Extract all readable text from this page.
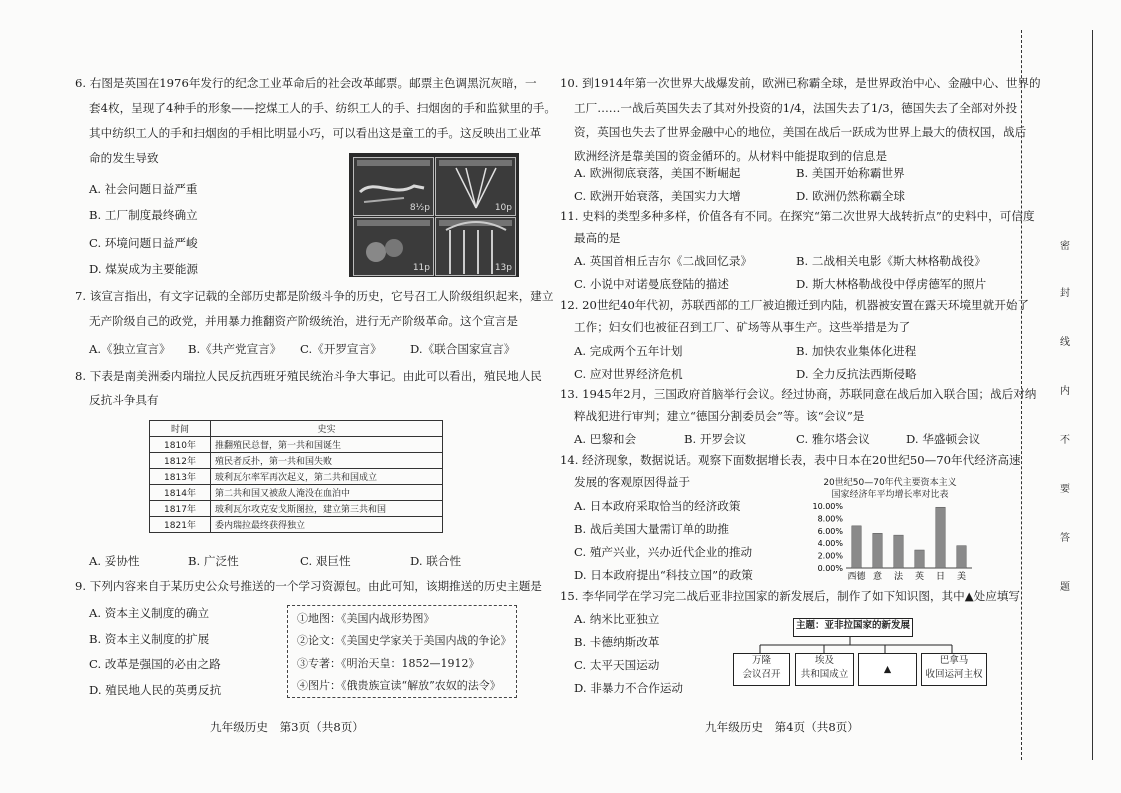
6. 右图是英国在1976年发行的纪念工业革命后的社会改革邮票。邮票主色调黑沉灰暗，一
套4枚，呈现了4种手的形象——挖煤工人的手、纺织工人的手、扫烟囱的手和监狱里的手。
其中纺织工人的手和扫烟囱的手相比明显小巧，可以看出这是童工的手。这反映出工业革
命的发生导致
A. 社会问题日益严重
B. 工厂制度最终确立
C. 环境问题日益严峻
D. 煤炭成为主要能源
8½p	10p
11p	13p
7. 该宣言指出，有文字记载的全部历史都是阶级斗争的历史，它号召工人阶级组织起来，建立
无产阶级自己的政党，并用暴力推翻资产阶级统治，进行无产阶级革命。这个宣言是
A.《独立宣言》 B.《共产党宣言》 C.《开罗宣言》 D.《联合国家宣言》
8. 下表是南美洲委内瑞拉人民反抗西班牙殖民统治斗争大事记。由此可以看出，殖民地人民
反抗斗争具有
时间	史实
1810年	推翻殖民总督，第一共和国诞生
1812年	殖民者反扑，第一共和国失败
1813年	玻利瓦尔率军再次起义，第二共和国成立
1814年	第二共和国又被敌人淹没在血泊中
1817年	玻利瓦尔攻克安戈斯图拉，建立第三共和国
1821年	委内瑞拉最终获得独立
A. 妥协性	B. 广泛性	C. 艰巨性	D. 联合性
9. 下列内容来自于某历史公众号推送的一个学习资源包。由此可知，该期推送的历史主题是
A. 资本主义制度的确立
B. 资本主义制度的扩展
C. 改革是强国的必由之路
D. 殖民地人民的英勇反抗
①地图：《美国内战形势图》
②论文：《美国史学家关于美国内战的争论》
③专著：《明治天皇：1852—1912》
④图片：《俄贵族宣读“解放”农奴的法令》
九年级历史　第3页（共8页）
10. 到1914年第一次世界大战爆发前，欧洲已称霸全球，是世界政治中心、金融中心、世界的
工厂……一战后英国失去了其对外投资的1/4，法国失去了1/3，德国失去了全部对外投
资，英国也失去了世界金融中心的地位，美国在战后一跃成为世界上最大的债权国，战后
欧洲经济是靠美国的资金循环的。从材料中能提取到的信息是
A. 欧洲彻底衰落，美国不断崛起	B. 美国开始称霸世界
C. 欧洲开始衰落，美国实力大增	D. 欧洲仍然称霸全球
11. 史料的类型多种多样，价值各有不同。在探究“第二次世界大战转折点”的史料中，可信度
最高的是
A. 英国首相丘吉尔《二战回忆录》	B. 二战相关电影《斯大林格勒战役》
C. 小说中对诺曼底登陆的描述	D. 斯大林格勒战役中俘虏德军的照片
12. 20世纪40年代初，苏联西部的工厂被迫搬迁到内陆，机器被安置在露天环境里就开始了
工作；妇女们也被征召到工厂、矿场等从事生产。这些举措是为了
A. 完成两个五年计划	B. 加快农业集体化进程
C. 应对世界经济危机	D. 全力反抗法西斯侵略
13. 1945年2月，三国政府首脑举行会议。经过协商，苏联同意在战后加入联合国；战后对纳
粹战犯进行审判；建立“德国分割委员会”等。该“会议”是
A. 巴黎和会	B. 开罗会议	C. 雅尔塔会议	D. 华盛顿会议
14. 经济现象，数据说话。观察下面数据增长表，表中日本在20世纪50—70年代经济高速
发展的客观原因得益于
A. 日本政府采取恰当的经济政策
B. 战后美国大量需订单的助推
C. 殖产兴业，兴办近代企业的推动
D. 日本政府提出“科技立国”的政策
15. 李华同学在学习完二战后亚非拉国家的新发展后，制作了如下知识图，其中▲处应填写
A. 纳米比亚独立
B. 卡德纳斯改革
C. 太平天国运动
D. 非暴力不合作运动
九年级历史　第4页（共8页）
20世纪50—70年代主要资本主义
国家经济年平均增长率对比表
0.00%
2.00%
4.00%
6.00%
8.00%
10.00%
西德 意 法 英 日 美
主题：亚非拉国家的新发展
万隆
会议召开
埃及
共和国成立	▲
巴拿马
收回运河主权
密
封
线
内
不
要
答
题
